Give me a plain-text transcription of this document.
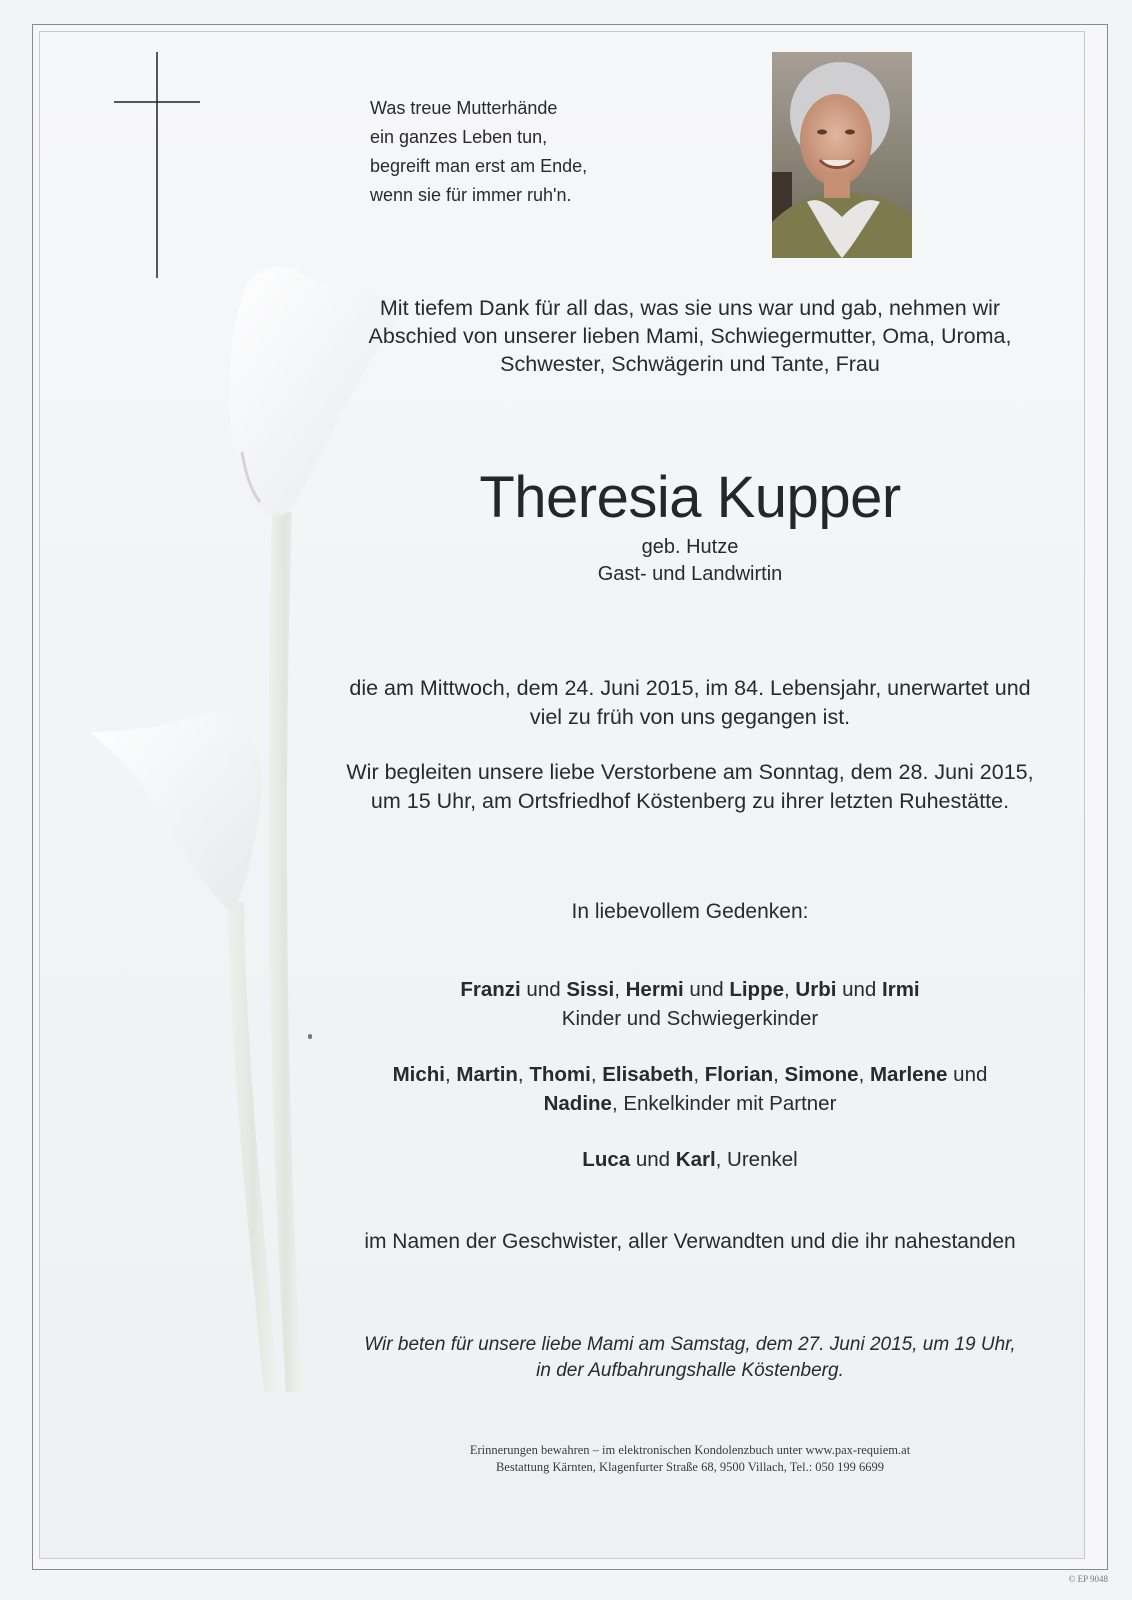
Was treue Mutterhände
ein ganzes Leben tun,
begreift man erst am Ende,
wenn sie für immer ruh'n.
Mit tiefem Dank für all das, was sie uns war und gab, nehmen wir
Abschied von unserer lieben Mami, Schwiegermutter, Oma, Uroma,
Schwester, Schwägerin und Tante, Frau
Theresia Kupper
geb. Hutze
Gast- und Landwirtin
die am Mittwoch, dem 24. Juni 2015, im 84. Lebensjahr, unerwartet und
viel zu früh von uns gegangen ist.
Wir begleiten unsere liebe Verstorbene am Sonntag, dem 28. Juni 2015,
um 15 Uhr, am Ortsfriedhof Köstenberg zu ihrer letzten Ruhestätte.
In liebevollem Gedenken:
Franzi und Sissi, Hermi und Lippe, Urbi und Irmi
Kinder und Schwiegerkinder
Michi, Martin, Thomi, Elisabeth, Florian, Simone, Marlene und
Nadine, Enkelkinder mit Partner
Luca und Karl, Urenkel
im Namen der Geschwister, aller Verwandten und die ihr nahestanden
Wir beten für unsere liebe Mami am Samstag, dem 27. Juni 2015, um 19 Uhr,
in der Aufbahrungshalle Köstenberg.
Erinnerungen bewahren – im elektronischen Kondolenzbuch unter www.pax-requiem.at
Bestattung Kärnten, Klagenfurter Straße 68, 9500 Villach, Tel.: 050 199 6699
© EP 9048
